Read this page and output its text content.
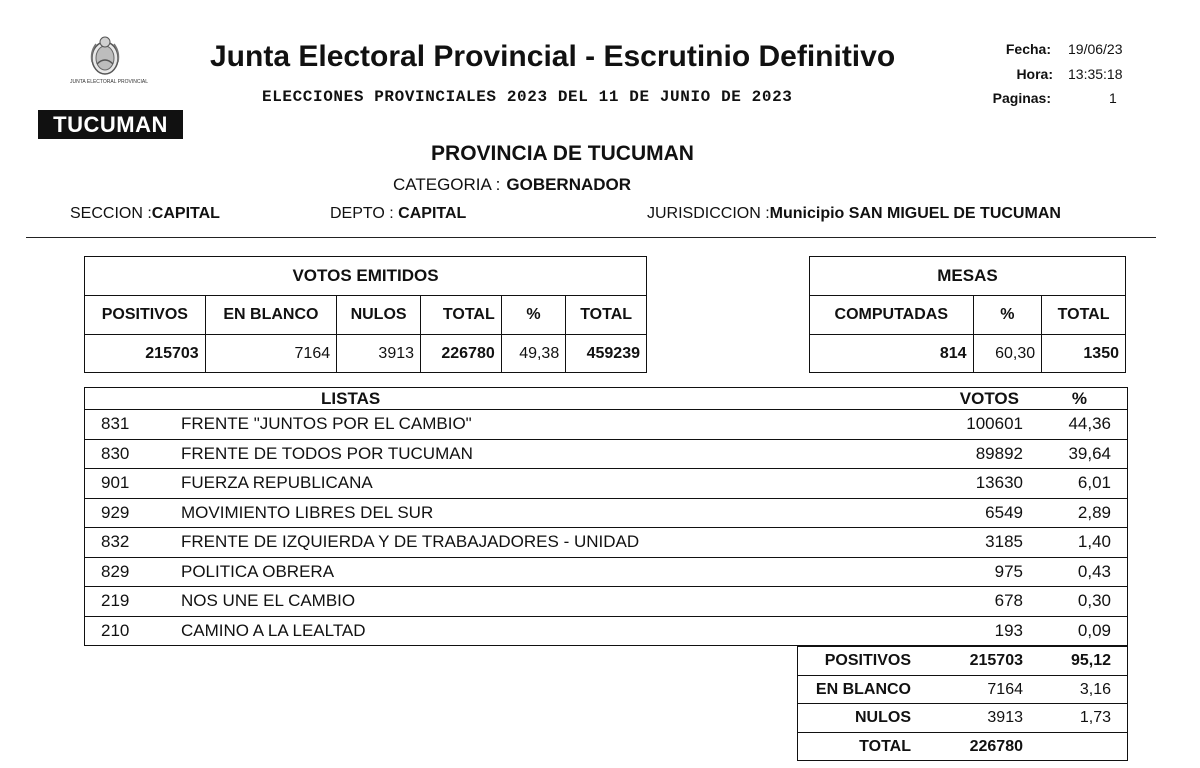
JUNTA ELECTORAL PROVINCIAL
TUCUMAN
Junta Electoral Provincial - Escrutinio Definitivo
ELECCIONES PROVINCIALES 2023 DEL 11 DE JUNIO DE 2023
Fecha: 19/06/23
Hora: 13:35:18
Paginas:	1
PROVINCIA DE TUCUMAN
CATEGORIA : GOBERNADOR
SECCION :CAPITAL	DEPTO : CAPITAL	JURISDICCION :Municipio SAN MIGUEL DE TUCUMAN
VOTOS EMITIDOS					
POSITIVOS	EN BLANCO	NULOS	TOTAL	%	TOTAL
215703	7164	3913	226780	49,38	459239
MESAS		
COMPUTADAS	%	TOTAL
814	60,30	1350
LISTAS	VOTOS	%
831	FRENTE "JUNTOS POR EL CAMBIO"	100601	44,36
830	FRENTE DE TODOS POR TUCUMAN	89892	39,64
901	FUERZA REPUBLICANA	13630	6,01
929	MOVIMIENTO LIBRES DEL SUR	6549	2,89
832	FRENTE DE IZQUIERDA Y DE TRABAJADORES - UNIDAD	3185	1,40
829	POLITICA OBRERA	975	0,43
219	NOS UNE EL CAMBIO	678	0,30
210	CAMINO A LA LEALTAD	193	0,09
POSITIVOS	215703	95,12
EN BLANCO	7164	3,16
NULOS	3913	1,73
TOTAL	226780
